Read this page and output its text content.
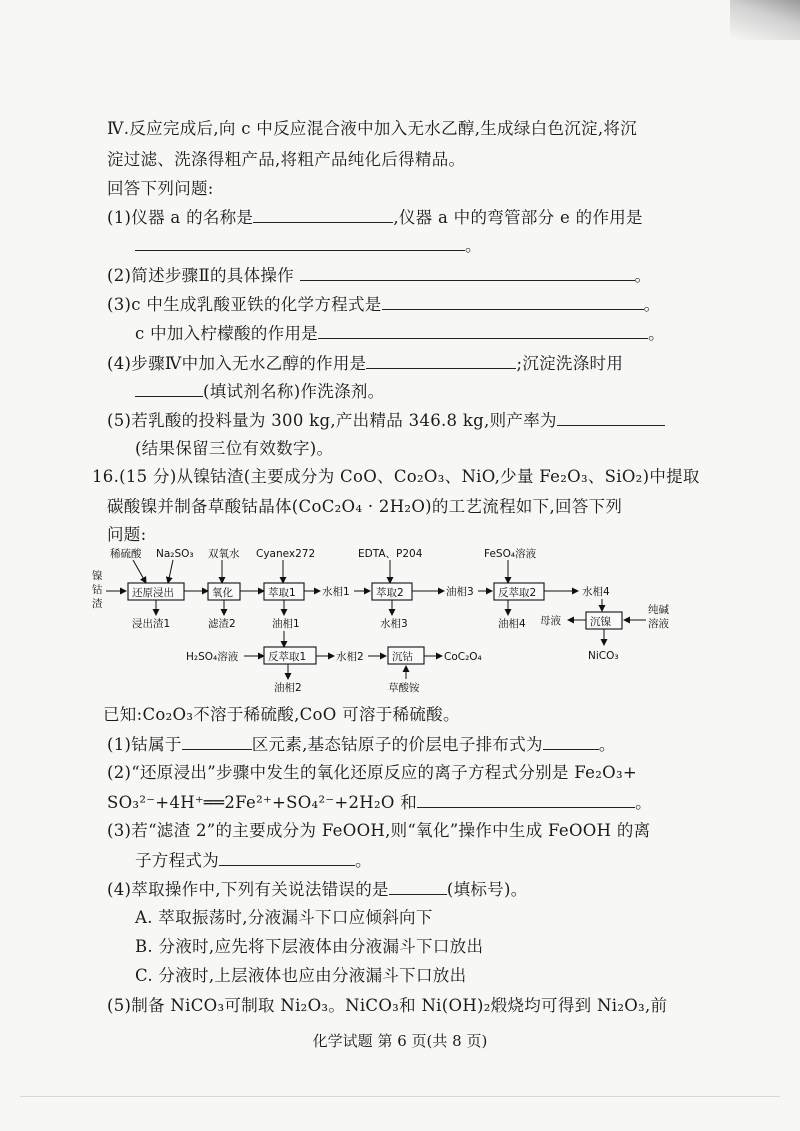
Ⅳ.反应完成后,向 c 中反应混合液中加入无水乙醇,生成绿白色沉淀,将沉
淀过滤、洗涤得粗产品,将粗产品纯化后得精品。
回答下列问题:
(1)仪器 a 的名称是	,仪器 a 中的弯管部分 e 的作用是
。
(2)简述步骤Ⅱ的具体操作	。
(3)c 中生成乳酸亚铁的化学方程式是	。
c 中加入柠檬酸的作用是	。
(4)步骤Ⅳ中加入无水乙醇的作用是	;沉淀洗涤时用
(填试剂名称)作洗涤剂。
(5)若乳酸的投料量为 300 kg,产出精品 346.8 kg,则产率为
(结果保留三位有效数字)。
16.(15 分)从镍钴渣(主要成分为 CoO、Co₂O₃、NiO,少量 Fe₂O₃、SiO₂)中提取
碳酸镍并制备草酸钴晶体(CoC₂O₄ · 2H₂O)的工艺流程如下,回答下列
问题:
镍
钴
渣
稀硫酸 Na₂SO₃
还原浸出
浸出渣1
双氧水
氧化
滤渣2
Cyanex272
萃取1
油相1
水相1
EDTA、P204
萃取2
水相3
油相3
FeSO₄溶液
反萃取2
油相4
水相4
沉镍
纯碱
溶液
母液
NiCO₃
H₂SO₄溶液	反萃取1
油相2
水相2	沉钴
草酸铵
CoC₂O₄
已知:Co₂O₃不溶于稀硫酸,CoO 可溶于稀硫酸。
(1)钴属于	区元素,基态钴原子的价层电子排布式为	。
(2)“还原浸出”步骤中发生的氧化还原反应的离子方程式分别是 Fe₂O₃+
SO₃²⁻+4H⁺══2Fe²⁺+SO₄²⁻+2H₂O 和	。
(3)若“滤渣 2”的主要成分为 FeOOH,则“氧化”操作中生成 FeOOH 的离
子方程式为	。
(4)萃取操作中,下列有关说法错误的是	(填标号)。
A. 萃取振荡时,分液漏斗下口应倾斜向下
B. 分液时,应先将下层液体由分液漏斗下口放出
C. 分液时,上层液体也应由分液漏斗下口放出
(5)制备 NiCO₃可制取 Ni₂O₃。NiCO₃和 Ni(OH)₂煅烧均可得到 Ni₂O₃,前
化学试题 第 6 页(共 8 页)
